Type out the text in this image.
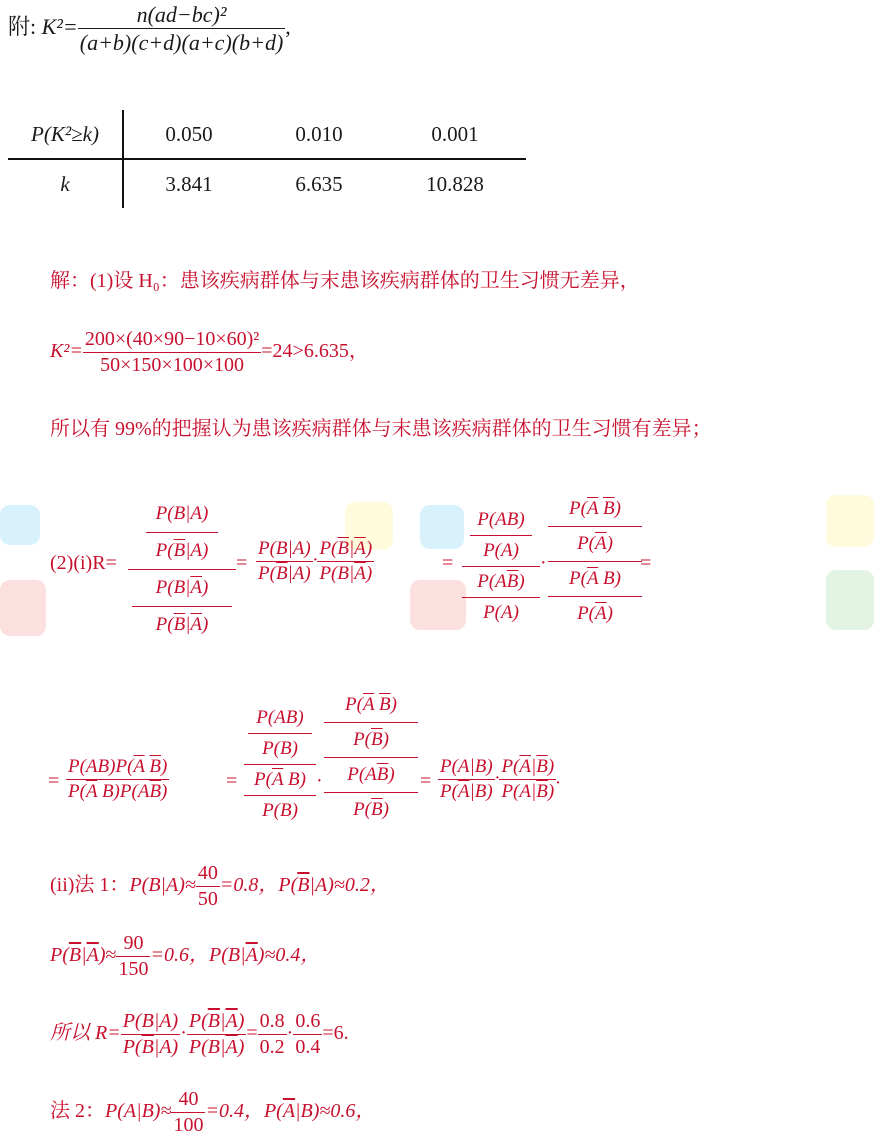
附: $K^2= \frac{\text{n(ad−bc)²}}{(a+b)(c+d)(a+c)(b+d)}$ ,
P(K²≥k)	0.050	0.010	0.001
k	3.841	6.635	10.828
解：(1)设 H₀：患该疾病群体与末患该疾病群体的卫生习惯无差异，
$K^2= \frac{\text{200×(40×90−10×60)²}}{50\times 150\times 100\times 100} =24>6.635$，
所以有 99%的把握认为患该疾病群体与末患该疾病群体的卫生习惯有差异；
(2)(i)R=
P(B|A)
$P(\overline{B}|A)$
$P(B|\overline{A})$
$P(\overline{B}|\overline{A})$
= $\frac{P(B|A)}{P(\overline{B}|A)} \cdot \frac{P(\overline{B}|\overline{A})}{P(B|\overline{A})}$	=
P(AB)
P(A)
$P(A\overline{B})$
P(A)
·
$P(\overline{A}$ $\overline{B}$)
$P(\overline{A})$
$P(\overline{A}$ B)
$P(\overline{A})$
=
= $\frac{P(AB)P(\overline{A} \overline{B})}{P(\overline{A} B)P(A\overline{B})}$	=
P(AB)
P(B)
$P(\overline{A}$ B)
P(B)
·
$P(\overline{A}$ $\overline{B}$)
$P(\overline{B})$
$P(A\overline{B})$
$P(\overline{B})$
= $\frac{P(A|B)}{P(\overline{A}|B)} \cdot \frac{P(\overline{A}|\overline{B})}{P(A|\overline{B})}$ .
(ii)法 1：$P(B|A)\approx \frac{40}{50} =0.8$，$P(\overline{B}|A)\approx 0.2$，
$P(\overline{B}|\overline{A})\approx \frac{90}{150} =0.6$，$P(B|\overline{A})\approx 0.4$，
所以 $R= \frac{P(B|A)}{P(\overline{B}|A)} \cdot \frac{P(\overline{B}|\overline{A})}{P(B|\overline{A})} = \frac{0.8}{0.2} \cdot \frac{0.6}{0.4} =6$.
法 2：$P(A|B)\approx \frac{40}{100} =0.4$，$P(\overline{A}|B)\approx 0.6$，
